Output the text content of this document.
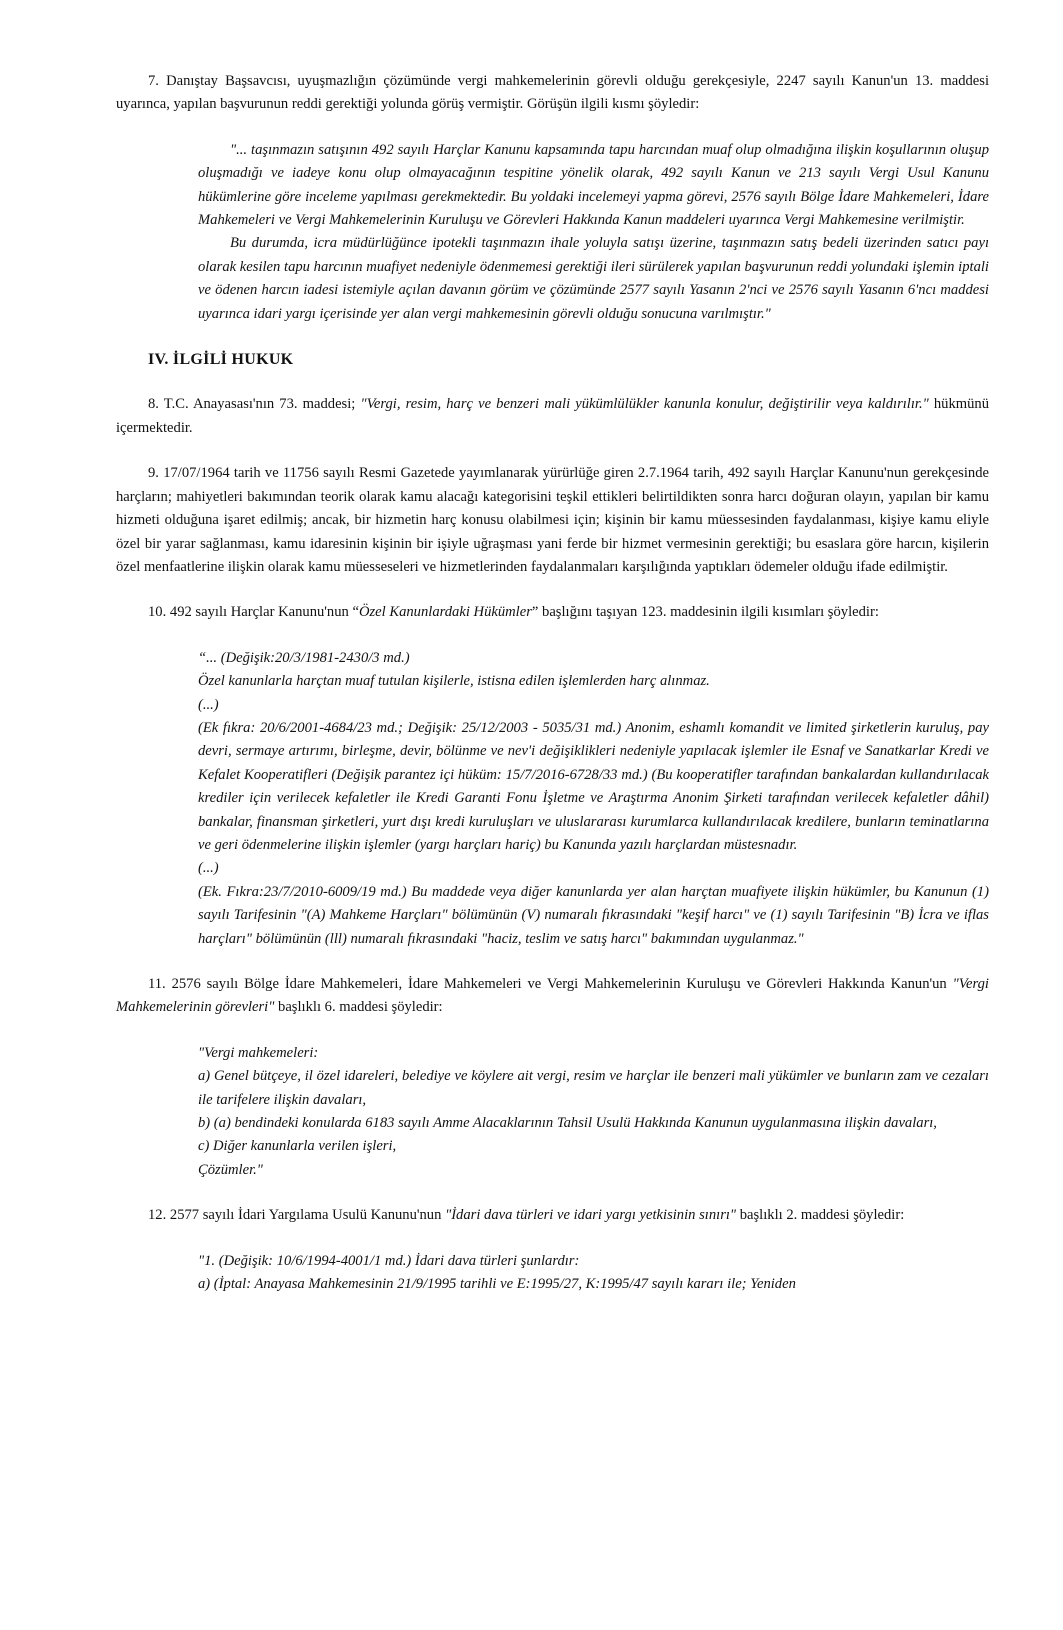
7. Danıştay Başsavcısı, uyuşmazlığın çözümünde vergi mahkemelerinin görevli olduğu gerekçesiyle, 2247 sayılı Kanun'un 13. maddesi uyarınca, yapılan başvurunun reddi gerektiği yolunda görüş vermiştir. Görüşün ilgili kısmı şöyledir:

"... taşınmazın satışının 492 sayılı Harçlar Kanunu kapsamında tapu harcından muaf olup olmadığına ilişkin koşullarının oluşup oluşmadığı ve iadeye konu olup olmayacağının tespitine yönelik olarak, 492 sayılı Kanun ve 213 sayılı Vergi Usul Kanunu hükümlerine göre inceleme yapılması gerekmektedir. Bu yoldaki incelemeyi yapma görevi, 2576 sayılı Bölge İdare Mahkemeleri, İdare Mahkemeleri ve Vergi Mahkemelerinin Kuruluşu ve Görevleri Hakkında Kanun maddeleri uyarınca Vergi Mahkemesine verilmiştir.

Bu durumda, icra müdürlüğünce ipotekli taşınmazın ihale yoluyla satışı üzerine, taşınmazın satış bedeli üzerinden satıcı payı olarak kesilen tapu harcının muafiyet nedeniyle ödenmemesi gerektiği ileri sürülerek yapılan başvurunun reddi yolundaki işlemin iptali ve ödenen harcın iadesi istemiyle açılan davanın görüm ve çözümünde 2577 sayılı Yasanın 2'nci ve 2576 sayılı Yasanın 6'ncı maddesi uyarınca idari yargı içerisinde yer alan vergi mahkemesinin görevli olduğu sonucuna varılmıştır."

IV. İLGİLİ HUKUK

8. T.C. Anayasası'nın 73. maddesi; "Vergi, resim, harç ve benzeri mali yükümlülükler kanunla konulur, değiştirilir veya kaldırılır." hükmünü içermektedir.

9. 17/07/1964 tarih ve 11756 sayılı Resmi Gazetede yayımlanarak yürürlüğe giren 2.7.1964 tarih, 492 sayılı Harçlar Kanunu'nun gerekçesinde harçların; mahiyetleri bakımından teorik olarak kamu alacağı kategorisini teşkil ettikleri belirtildikten sonra harcı doğuran olayın, yapılan bir kamu hizmeti olduğuna işaret edilmiş; ancak, bir hizmetin harç konusu olabilmesi için; kişinin bir kamu müessesinden faydalanması, kişiye kamu eliyle özel bir yarar sağlanması, kamu idaresinin kişinin bir işiyle uğraşması yani ferde bir hizmet vermesinin gerektiği; bu esaslara göre harcın, kişilerin özel menfaatlerine ilişkin olarak kamu müesseseleri ve hizmetlerinden faydalanmaları karşılığında yaptıkları ödemeler olduğu ifade edilmiştir.

10. 492 sayılı Harçlar Kanunu'nun “Özel Kanunlardaki Hükümler” başlığını taşıyan 123. maddesinin ilgili kısımları şöyledir:

“... (Değişik:20/3/1981-2430/3 md.)

Özel kanunlarla harçtan muaf tutulan kişilerle, istisna edilen işlemlerden harç alınmaz.

(...)

(Ek fıkra: 20/6/2001-4684/23 md.; Değişik: 25/12/2003 - 5035/31 md.) Anonim, eshamlı komandit ve limited şirketlerin kuruluş, pay devri, sermaye artırımı, birleşme, devir, bölünme ve nev'i değişiklikleri nedeniyle yapılacak işlemler ile Esnaf ve Sanatkarlar Kredi ve Kefalet Kooperatifleri (Değişik parantez içi hüküm: 15/7/2016-6728/33 md.) (Bu kooperatifler tarafından bankalardan kullandırılacak krediler için verilecek kefaletler ile Kredi Garanti Fonu İşletme ve Araştırma Anonim Şirketi tarafından verilecek kefaletler dâhil) bankalar, finansman şirketleri, yurt dışı kredi kuruluşları ve uluslararası kurumlarca kullandırılacak kredilere, bunların teminatlarına ve geri ödenmelerine ilişkin işlemler (yargı harçları hariç) bu Kanunda yazılı harçlardan müstesnadır.

(...)

(Ek. Fıkra:23/7/2010-6009/19 md.) Bu maddede veya diğer kanunlarda yer alan harçtan muafiyete ilişkin hükümler, bu Kanunun (1) sayılı Tarifesinin "(A) Mahkeme Harçları" bölümünün (V) numaralı fıkrasındaki "keşif harcı" ve (1) sayılı Tarifesinin "B) İcra ve iflas harçları" bölümünün (lll) numaralı fıkrasındaki "haciz, teslim ve satış harcı" bakımından uygulanmaz."

11. 2576 sayılı Bölge İdare Mahkemeleri, İdare Mahkemeleri ve Vergi Mahkemelerinin Kuruluşu ve Görevleri Hakkında Kanun'un "Vergi Mahkemelerinin görevleri" başlıklı 6. maddesi şöyledir:

"Vergi mahkemeleri:

a) Genel bütçeye, il özel idareleri, belediye ve köylere ait vergi, resim ve harçlar ile benzeri mali yükümler ve bunların zam ve cezaları ile tarifelere ilişkin davaları,

b) (a) bendindeki konularda 6183 sayılı Amme Alacaklarının Tahsil Usulü Hakkında Kanunun uygulanmasına ilişkin davaları,

c) Diğer kanunlarla verilen işleri,

Çözümler."

12. 2577 sayılı İdari Yargılama Usulü Kanunu'nun "İdari dava türleri ve idari yargı yetkisinin sınırı" başlıklı 2. maddesi şöyledir:

"1. (Değişik: 10/6/1994-4001/1 md.) İdari dava türleri şunlardır:

a) (İptal: Anayasa Mahkemesinin 21/9/1995 tarihli ve E:1995/27, K:1995/47 sayılı kararı ile; Yeniden
